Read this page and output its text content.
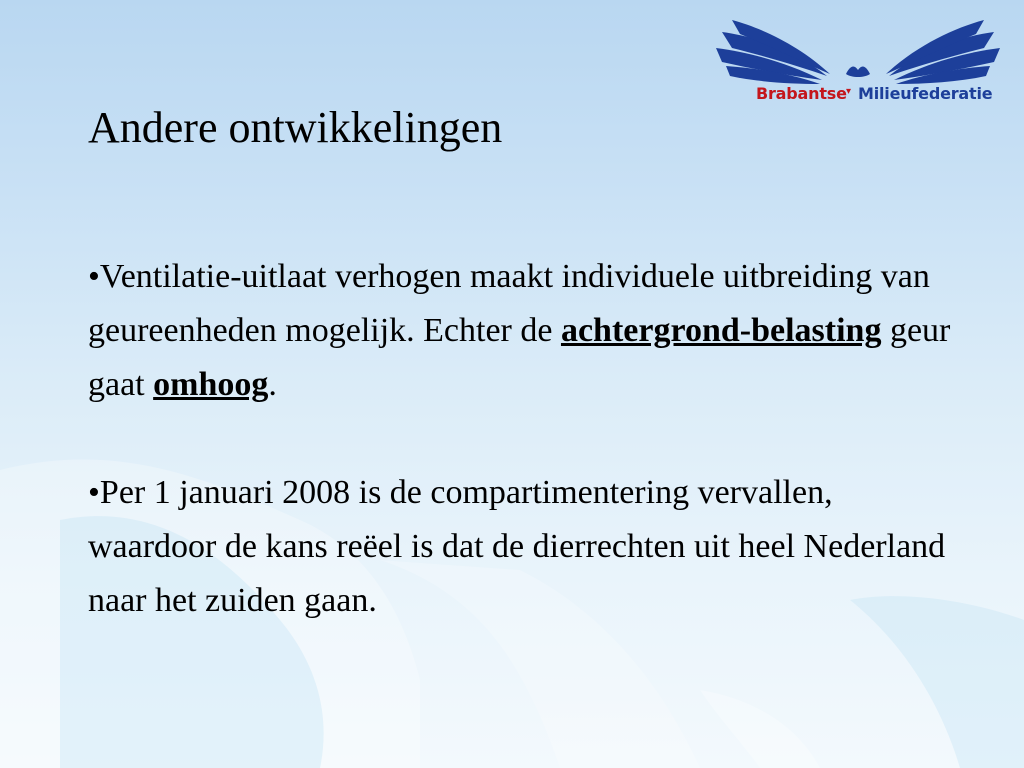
Brabantse ▾ Milieufederatie
Andere ontwikkelingen

•Ventilatie-uitlaat verhogen maakt individuele uitbreiding van geureenheden mogelijk. Echter de achtergrond-belasting geur gaat omhoog.

•Per 1 januari 2008 is de compartimentering vervallen, waardoor de kans reëel is dat de dierrechten uit heel Nederland naar het zuiden gaan.
